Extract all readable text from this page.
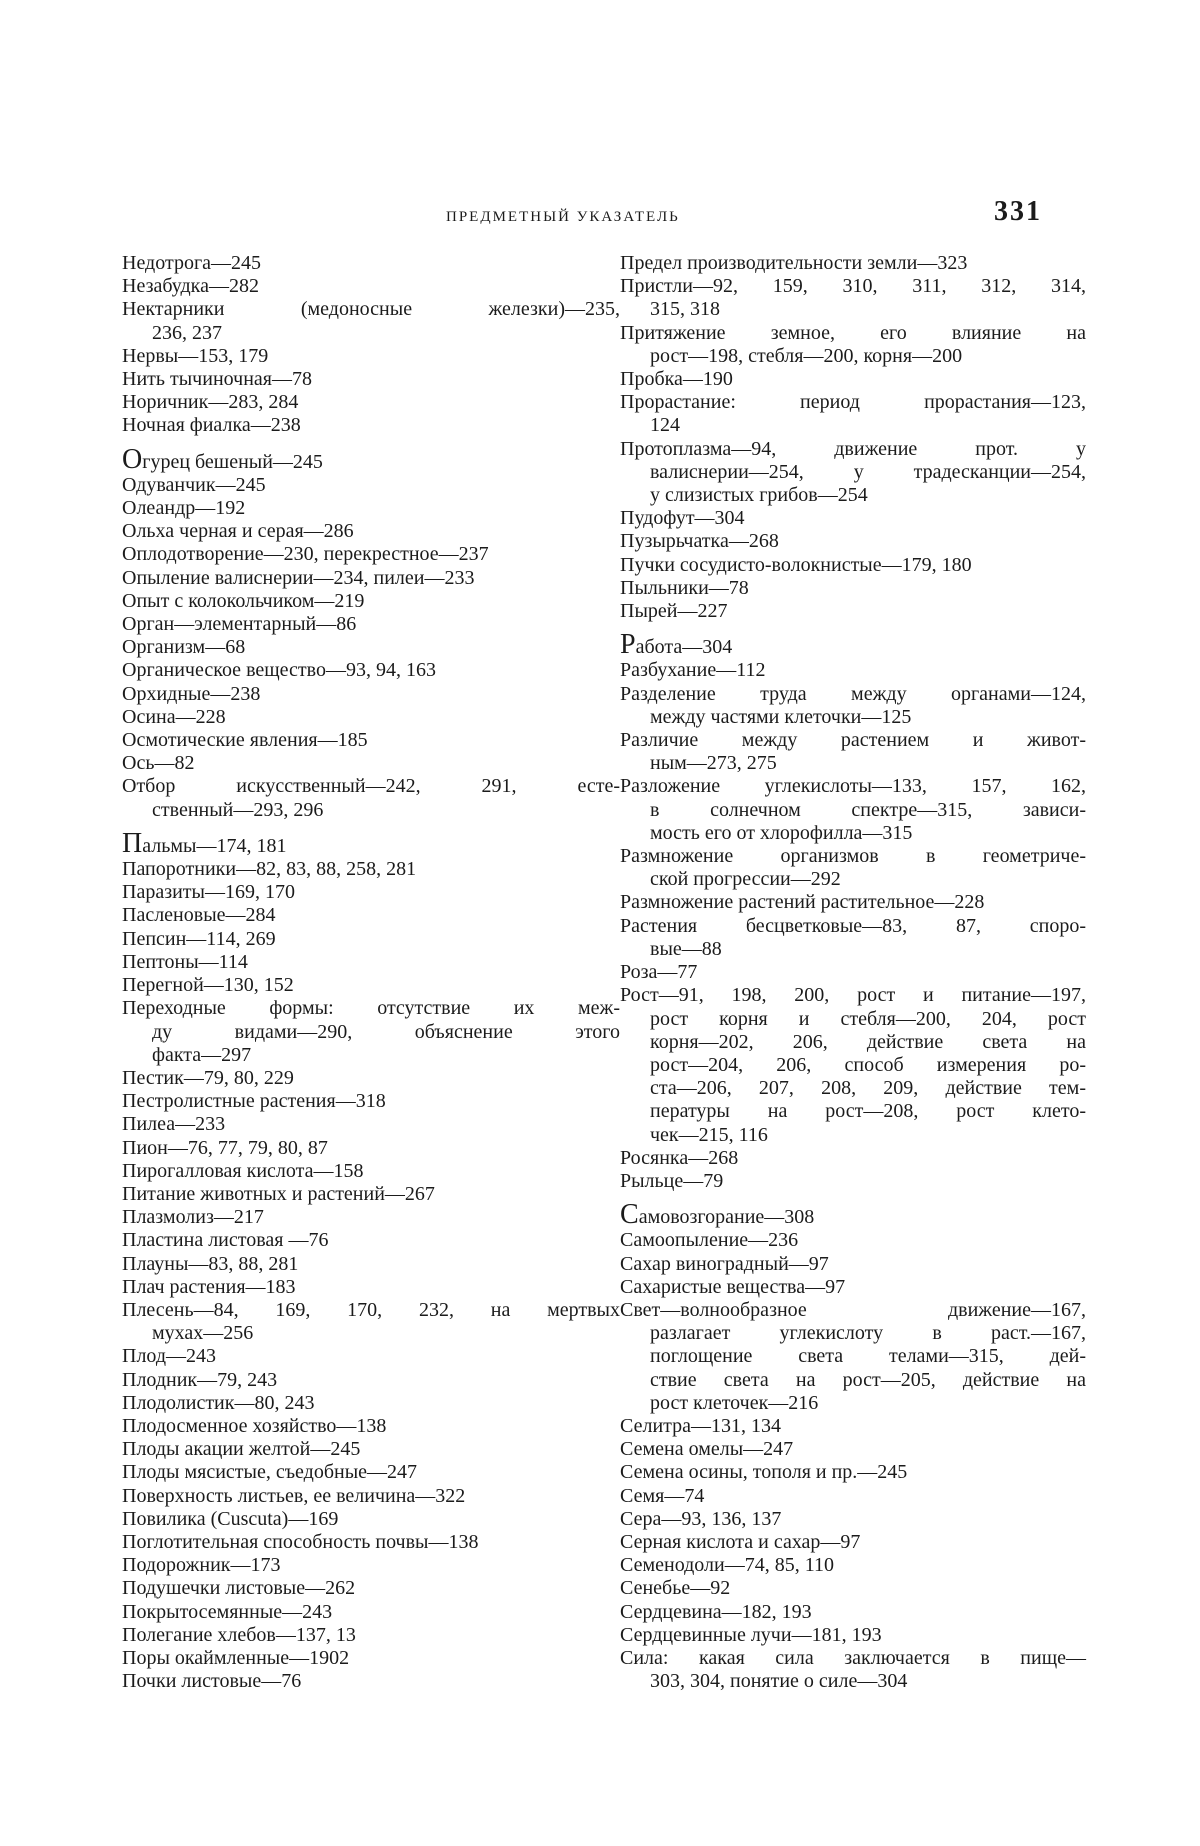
ПРЕДМЕТНЫЙ УКАЗАТЕЛЬ	331
Недотрога—245
Незабудка—282
Нектарники (медоносные железки)—235,
236, 237
Нервы—153, 179
Нить тычиночная—78
Норичник—283, 284
Ночная фиалка—238
Огурец бешеный—245
Одуванчик—245
Олеандр—192
Ольха черная и серая—286
Оплодотворение—230, перекрестное—237
Опыление валиснерии—234, пилеи—233
Опыт с колокольчиком—219
Орган—элементарный—86
Организм—68
Органическое вещество—93, 94, 163
Орхидные—238
Осина—228
Осмотические явления—185
Ось—82
Отбор искусственный—242, 291, есте-
ственный—293, 296
Пальмы—174, 181
Папоротники—82, 83, 88, 258, 281
Паразиты—169, 170
Пасленовые—284
Пепсин—114, 269
Пептоны—114
Перегной—130, 152
Переходные формы: отсутствие их меж-
ду видами—290, объяснение этого
факта—297
Пестик—79, 80, 229
Пестролистные растения—318
Пилеа—233
Пион—76, 77, 79, 80, 87
Пирогалловая кислота—158
Питание животных и растений—267
Плазмолиз—217
Пластина листовая —76
Плауны—83, 88, 281
Плач растения—183
Плесень—84, 169, 170, 232, на мертвых
мухах—256
Плод—243
Плодник—79, 243
Плодолистик—80, 243
Плодосменное хозяйство—138
Плоды акации желтой—245
Плоды мясистые, съедобные—247
Поверхность листьев, ее величина—322
Повилика (Cuscuta)—169
Поглотительная способность почвы—138
Подорожник—173
Подушечки листовые—262
Покрытосемянные—243
Полегание хлебов—137, 13
Поры окаймленные—1902
Почки листовые—76
Предел производительности земли—323
Пристли—92, 159, 310, 311, 312, 314,
315, 318
Притяжение земное, его влияние на
рост—198, стебля—200, корня—200
Пробка—190
Прорастание: период прорастания—123,
124
Протоплазма—94, движение прот. у
валиснерии—254, у традесканции—254,
у слизистых грибов—254
Пудофут—304
Пузырьчатка—268
Пучки сосудисто-волокнистые—179, 180
Пыльники—78
Пырей—227
Работа—304
Разбухание—112
Разделение труда между органами—124,
между частями клеточки—125
Различие между растением и живот-
ным—273, 275
Разложение углекислоты—133, 157, 162,
в солнечном спектре—315, зависи-
мость его от хлорофилла—315
Размножение организмов в геометриче-
ской прогрессии—292
Размножение растений растительное—228
Растения бесцветковые—83, 87, споро-
вые—88
Роза—77
Рост—91, 198, 200, рост и питание—197,
рост корня и стебля—200, 204, рост
корня—202, 206, действие света на
рост—204, 206, способ измерения ро-
ста—206, 207, 208, 209, действие тем-
пературы на рост—208, рост клето-
чек—215, 116
Росянка—268
Рыльце—79
Самовозгорание—308
Самоопыление—236
Сахар виноградный—97
Сахаристые вещества—97
Свет—волнообразное движение—167,
разлагает углекислоту в раст.—167,
поглощение света телами—315, дей-
ствие света на рост—205, действие на
рост клеточек—216
Селитра—131, 134
Семена омелы—247
Семена осины, тополя и пр.—245
Семя—74
Сера—93, 136, 137
Серная кислота и сахар—97
Семенодоли—74, 85, 110
Сенебье—92
Сердцевина—182, 193
Сердцевинные лучи—181, 193
Сила: какая сила заключается в пище—
303, 304, понятие о силе—304
